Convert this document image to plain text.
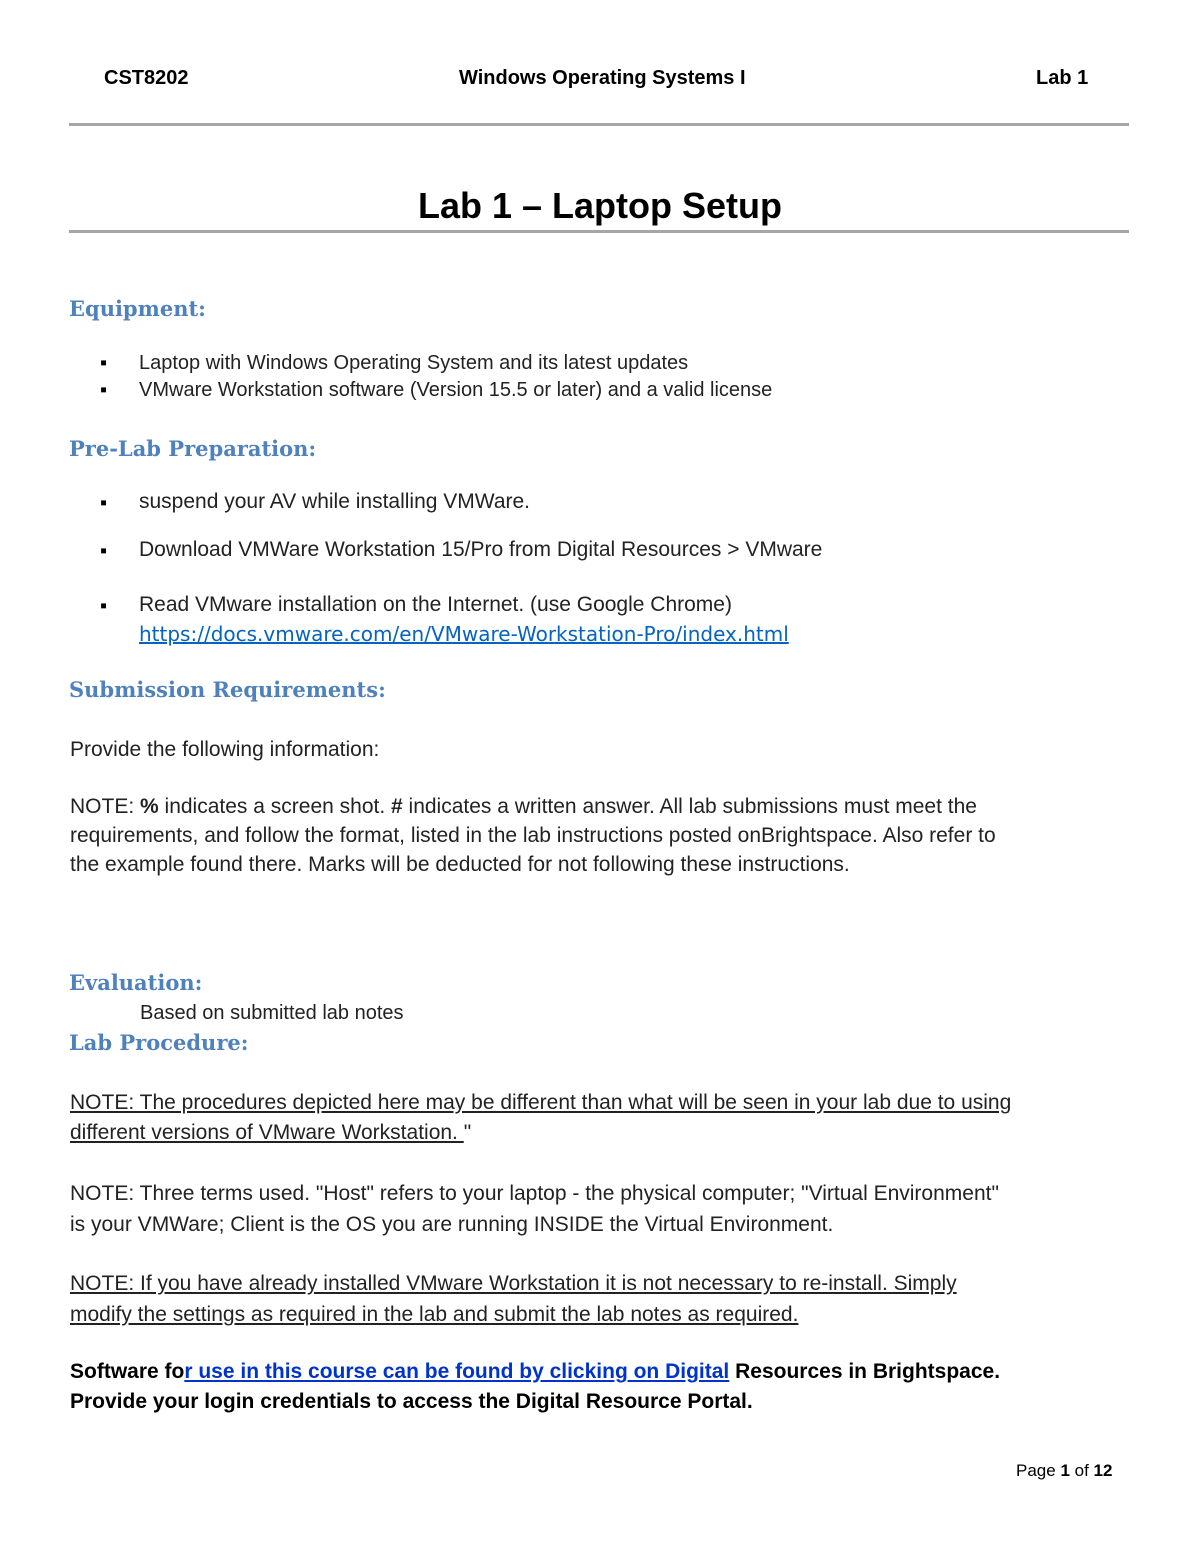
CST8202	Windows Operating Systems I	Lab 1
Lab 1 – Laptop Setup
Equipment:
▪ Laptop with Windows Operating System and its latest updates
▪ VMware Workstation software (Version 15.5 or later) and a valid license
Pre-Lab Preparation:
▪ suspend your AV while installing VMWare.
▪ Download VMWare Workstation 15/Pro from Digital Resources > VMware
▪ Read VMware installation on the Internet. (use Google Chrome)
https://docs.vmware.com/en/VMware-Workstation-Pro/index.html
Submission Requirements:
Provide the following information:
NOTE: % indicates a screen shot. # indicates a written answer. All lab submissions must meet the
requirements, and follow the format, listed in the lab instructions posted onBrightspace. Also refer to
the example found there. Marks will be deducted for not following these instructions.
Evaluation:
Based on submitted lab notes
Lab Procedure:
NOTE: The procedures depicted here may be different than what will be seen in your lab due to using
different versions of VMware Workstation. "
NOTE: Three terms used. "Host" refers to your laptop - the physical computer; "Virtual Environment"
is your VMWare; Client is the OS you are running INSIDE the Virtual Environment.
NOTE: If you have already installed VMware Workstation it is not necessary to re-install. Simply
modify the settings as required in the lab and submit the lab notes as required.
Software for use in this course can be found by clicking on Digital Resources in Brightspace.
Provide your login credentials to access the Digital Resource Portal.
Page 1 of 12
